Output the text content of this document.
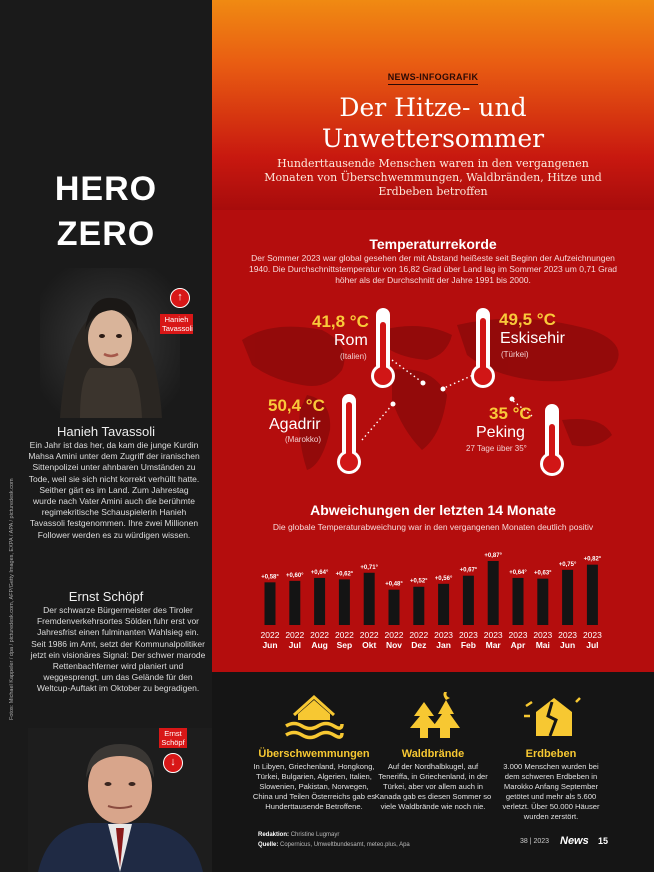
HERO
ZERO
↑
Hanieh Tavassoli
Hanieh Tavassoli
Ein Jahr ist das her, da kam die junge Kurdin Mahsa Amini unter dem Zugriff der iranischen Sittenpolizei unter ahnbaren Umständen zu Tode, weil sie sich nicht korrekt verhüllt hatte. Seither gärt es im Land. Zum Jahrestag wurde nach Vater Amini auch die berühmte regimekritische Schauspielerin Hanieh Tavassoli festgenommen. Ihre zwei Millionen Follower werden es zu würdigen wissen.
Ernst Schöpf
Der schwarze Bürgermeister des Tiroler Fremdenverkehrsortes Sölden fuhr erst vor Jahresfrist einen fulminanten Wahlsieg ein. Seit 1986 im Amt, setzt der Kommunalpolitiker jetzt ein visionäres Signal: Der schwer marode Rettenbachferner wird planiert und weggesprengt, um das Gelände für den Weltcup-Auftakt im Oktober zu begradigen.
Ernst Schöpf
↓
Fotos: Michael Kappeler / dpa / picturedesk.com, AFP/Getty Images, EXPA / APA / picturedesk.com
NEWS-INFOGRAFIK
Der Hitze- und
Unwettersommer
Hunderttausende Menschen waren in den vergangenen Monaten von Überschwemmungen, Waldbränden, Hitze und Erdbeben betroffen
Temperaturrekorde
Der Sommer 2023 war global gesehen der mit Abstand heißeste seit Beginn der Aufzeichnungen 1940. Die Durchschnittstemperatur von 16,82 Grad über Land lag im Sommer 2023 um 0,71 Grad höher als der Durchschnitt der Jahre 1991 bis 2000.
41,8 °C
Rom
(Italien)
49,5 °C
Eskisehir
(Türkei)
50,4 °C
Agadrir
(Marokko)
35 °C
Peking
27 Tage über 35°
Abweichungen der letzten 14 Monate
Die globale Temperaturabweichung war in den vergangenen Monaten deutlich positiv
+0,58°
2022
Jun
+0,60°
2022
Jul
+0,64°
2022
Aug
+0,62°
2022
Sep
+0,71°
2022
Okt
+0,48°
2022
Nov
+0,52°
2022
Dez
+0,56°
2023
Jan
+0,67°
2023
Feb
+0,87°
2023
Mar
+0,64°
2023
Apr
+0,63°
2023
Mai
+0,75°
2023
Jun
+0,82°
2023
Jul
Überschwemmungen

In Libyen, Griechenland, Hongkong, Türkei, Bulgarien, Algerien, Italien, Slowenien, Pakistan, Norwegen, China und Teilen Österreichs gab es Hunderttausende Betroffene.

Waldbrände

Auf der Nordhalbkugel, auf Teneriffa, in Griechenland, in der Türkei, aber vor allem auch in Kanada gab es diesen Sommer so viele Waldbrände wie noch nie.

Erdbeben

3.000 Menschen wurden bei dem schweren Erdbeben in Marokko Anfang September getötet und mehr als 5.600 verletzt. Über 50.000 Häuser wurden zerstört.

Redaktion: Christine Lugmayr
Quelle: Copernicus, Umweltbundesamt, meteo.plus, Apa	38 | 2023 News 15
